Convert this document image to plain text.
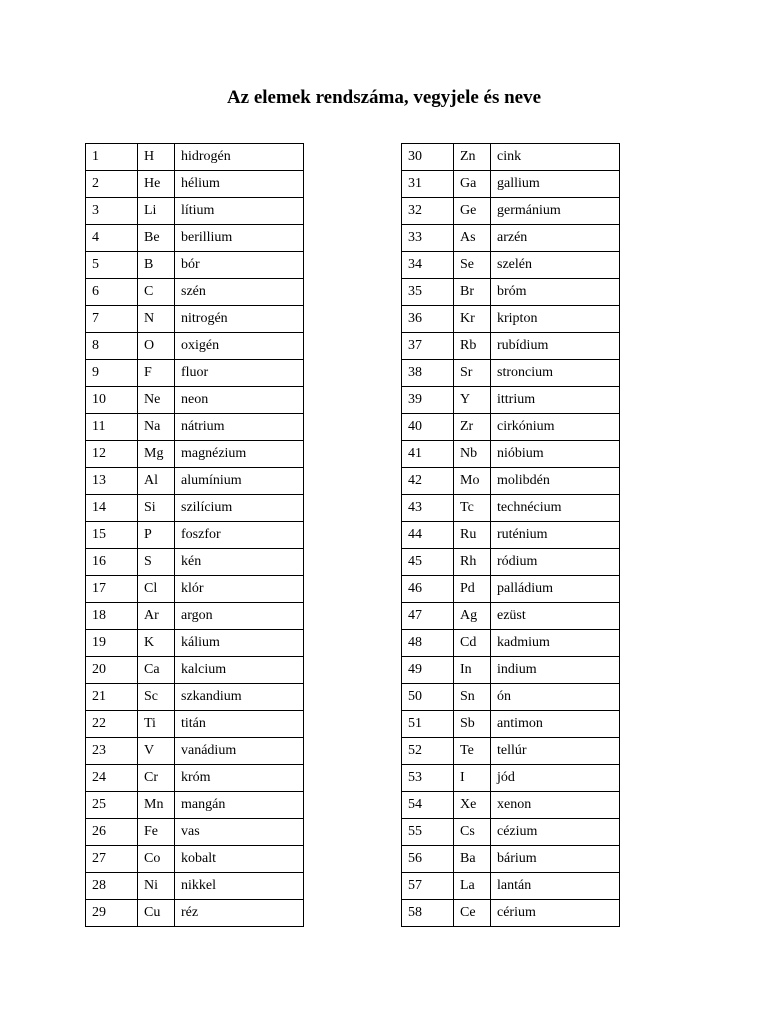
Az elemek rendszáma, vegyjele és neve
1	H	hidrogén
2	He	hélium
3	Li	lítium
4	Be	berillium
5	B	bór
6	C	szén
7	N	nitrogén
8	O	oxigén
9	F	fluor
10	Ne	neon
11	Na	nátrium
12	Mg	magnézium
13	Al	alumínium
14	Si	szilícium
15	P	foszfor
16	S	kén
17	Cl	klór
18	Ar	argon
19	K	kálium
20	Ca	kalcium
21	Sc	szkandium
22	Ti	titán
23	V	vanádium
24	Cr	króm
25	Mn	mangán
26	Fe	vas
27	Co	kobalt
28	Ni	nikkel
29	Cu	réz
30	Zn	cink
31	Ga	gallium
32	Ge	germánium
33	As	arzén
34	Se	szelén
35	Br	bróm
36	Kr	kripton
37	Rb	rubídium
38	Sr	stroncium
39	Y	ittrium
40	Zr	cirkónium
41	Nb	nióbium
42	Mo	molibdén
43	Tc	technécium
44	Ru	ruténium
45	Rh	ródium
46	Pd	palládium
47	Ag	ezüst
48	Cd	kadmium
49	In	indium
50	Sn	ón
51	Sb	antimon
52	Te	tellúr
53	I	jód
54	Xe	xenon
55	Cs	cézium
56	Ba	bárium
57	La	lantán
58	Ce	cérium
